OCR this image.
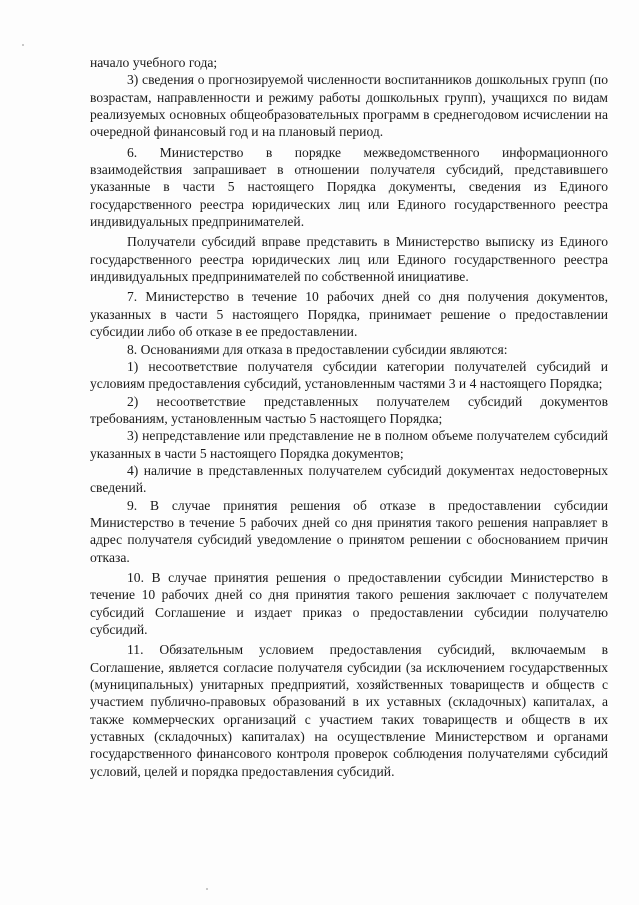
начало учебного года;

3) сведения о прогнозируемой численности воспитанников дошкольных групп (по возрастам, направленности и режиму работы дошкольных групп), учащихся по видам реализуемых основных общеобразовательных программ в среднегодовом исчислении на очередной финансовый год и на плановый период.

6. Министерство в порядке межведомственного информационного взаимодействия запрашивает в отношении получателя субсидий, представившего указанные в части 5 настоящего Порядка документы, сведения из Единого государственного реестра юридических лиц или Единого государственного реестра индивидуальных предпринимателей.

Получатели субсидий вправе представить в Министерство выписку из Единого государственного реестра юридических лиц или Единого государственного реестра индивидуальных предпринимателей по собственной инициативе.

7. Министерство в течение 10 рабочих дней со дня получения документов, указанных в части 5 настоящего Порядка, принимает решение о предоставлении субсидии либо об отказе в ее предоставлении.

8. Основаниями для отказа в предоставлении субсидии являются:

1) несоответствие получателя субсидии категории получателей субсидий и условиям предоставления субсидий, установленным частями 3 и 4 настоящего Порядка;

2) несоответствие представленных получателем субсидий документов требованиям, установленным частью 5 настоящего Порядка;

3) непредставление или представление не в полном объеме получателем субсидий указанных в части 5 настоящего Порядка документов;

4) наличие в представленных получателем субсидий документах недостоверных сведений.

9. В случае принятия решения об отказе в предоставлении субсидии Министерство в течение 5 рабочих дней со дня принятия такого решения направляет в адрес получателя субсидий уведомление о принятом решении с обоснованием причин отказа.

10. В случае принятия решения о предоставлении субсидии Министерство в течение 10 рабочих дней со дня принятия такого решения заключает с получателем субсидий Соглашение и издает приказ о предоставлении субсидии получателю субсидий.

11. Обязательным условием предоставления субсидий, включаемым в Соглашение, является согласие получателя субсидии (за исключением государственных (муниципальных) унитарных предприятий, хозяйственных товариществ и обществ с участием публично-правовых образований в их уставных (складочных) капиталах, а также коммерческих организаций с участием таких товариществ и обществ в их уставных (складочных) капиталах) на осуществление Министерством и органами государственного финансового контроля проверок соблюдения получателями субсидий условий, целей и порядка предоставления субсидий.
